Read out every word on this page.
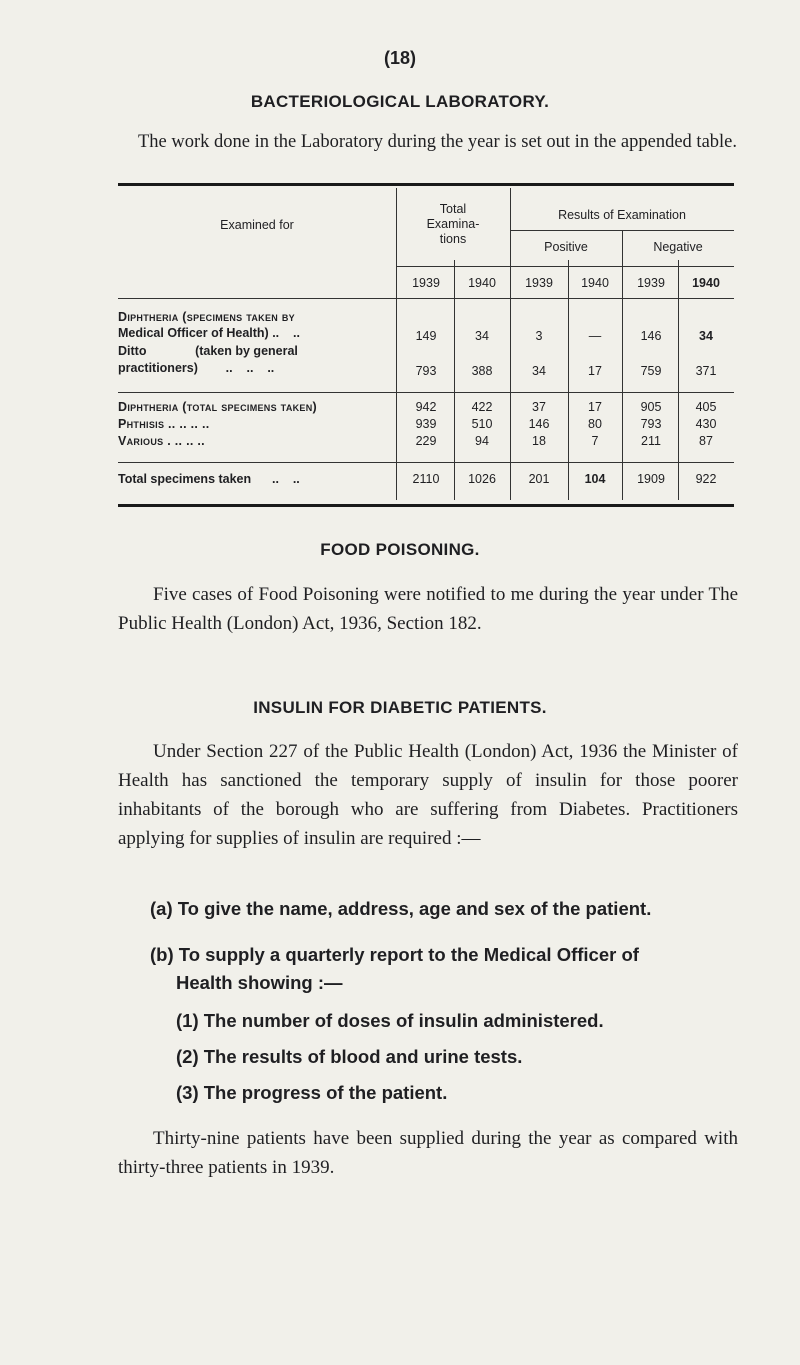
(18)
BACTERIOLOGICAL LABORATORY.
The work done in the Laboratory during the year is set out in the appended table.
Examined for
Total
Examina-
tions
Results of Examination
Positive	Negative
1939	1940	1939	1940	1939	1940
Diphtheria (specimens taken by
Medical Officer of Health) ..    ..	149	34	3	—	146	34
Ditto              (taken by general
practitioners)        ..    ..    ..	793	388	34	17	759	371
Diphtheria (total specimens taken)	942	422	37	17	905	405
Phthisis .. .. .. ..	939	510	146	80	793	430
Various . .. .. ..	229	94	18	7	211	87
Total specimens taken      ..    ..	2110	1026	201	104	1909	922
FOOD POISONING.
Five cases of Food Poisoning were notified to me during the year under The Public Health (London) Act, 1936, Section 182.
INSULIN FOR DIABETIC PATIENTS.
Under Section 227 of the Public Health (London) Act, 1936 the Minister of Health has sanctioned the temporary supply of insulin for those poorer inhabitants of the borough who are suffering from Diabetes. Practitioners applying for supplies of insulin are required :—
(a) To give the name, address, age and sex of the patient.
(b) To supply a quarterly report to the Medical Officer of
Health showing :—
(1) The number of doses of insulin administered.
(2) The results of blood and urine tests.
(3) The progress of the patient.
Thirty-nine patients have been supplied during the year as compared with thirty-three patients in 1939.
